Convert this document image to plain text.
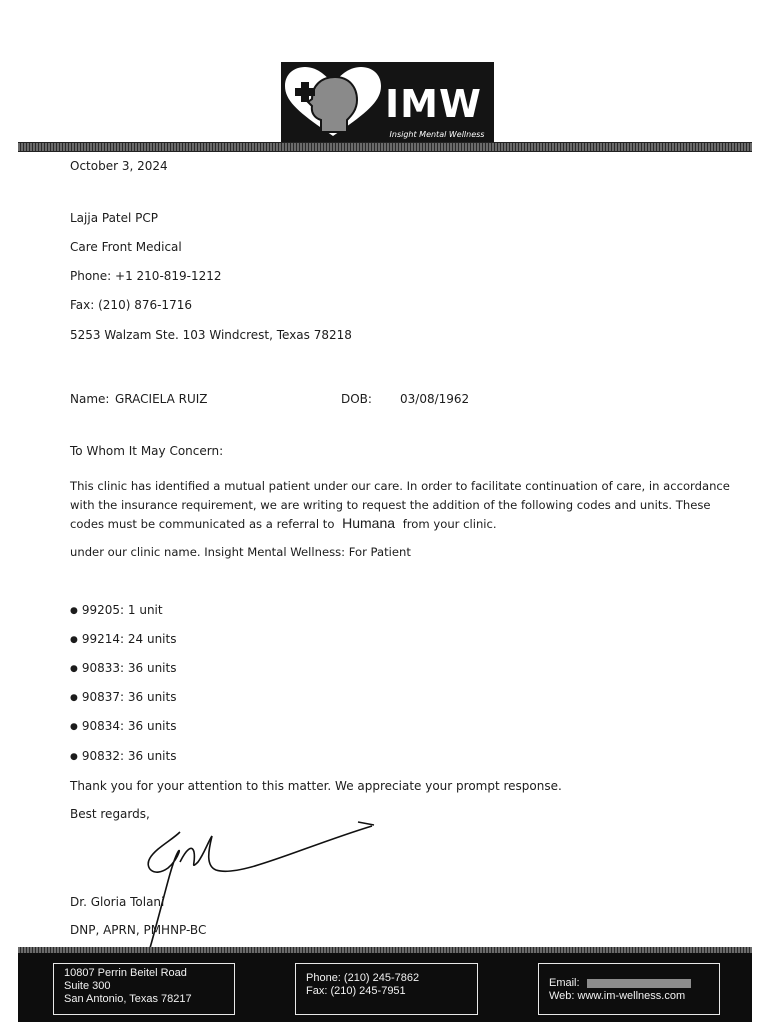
IMW
Insight Mental Wellness
October 3, 2024
Lajja Patel PCP
Care Front Medical
Phone: +1 210-819-1212
Fax: (210) 876-1716
5253 Walzam Ste. 103 Windcrest, Texas 78218
Name: GRACIELA RUIZ	DOB: 03/08/1962
To Whom It May Concern:
This clinic has identified a mutual patient under our care. In order to facilitate continuation of care, in accordance
with the insurance requirement, we are writing to request the addition of the following codes and units. These
codes must be communicated as a referral to Humana from your clinic.
under our clinic name. Insight Mental Wellness: For Patient
● 99205: 1 unit
● 99214: 24 units
● 90833: 36 units
● 90837: 36 units
● 90834: 36 units
● 90832: 36 units
Thank you for your attention to this matter. We appreciate your prompt response.
Best regards,
Dr. Gloria Tolani
DNP, APRN, PMHNP-BC
10807 Perrin Beitel Road
Suite 300
San Antonio, Texas 78217
Phone: (210) 245-7862
Fax: (210) 245-7951
Email:
Web: www.im-wellness.com
